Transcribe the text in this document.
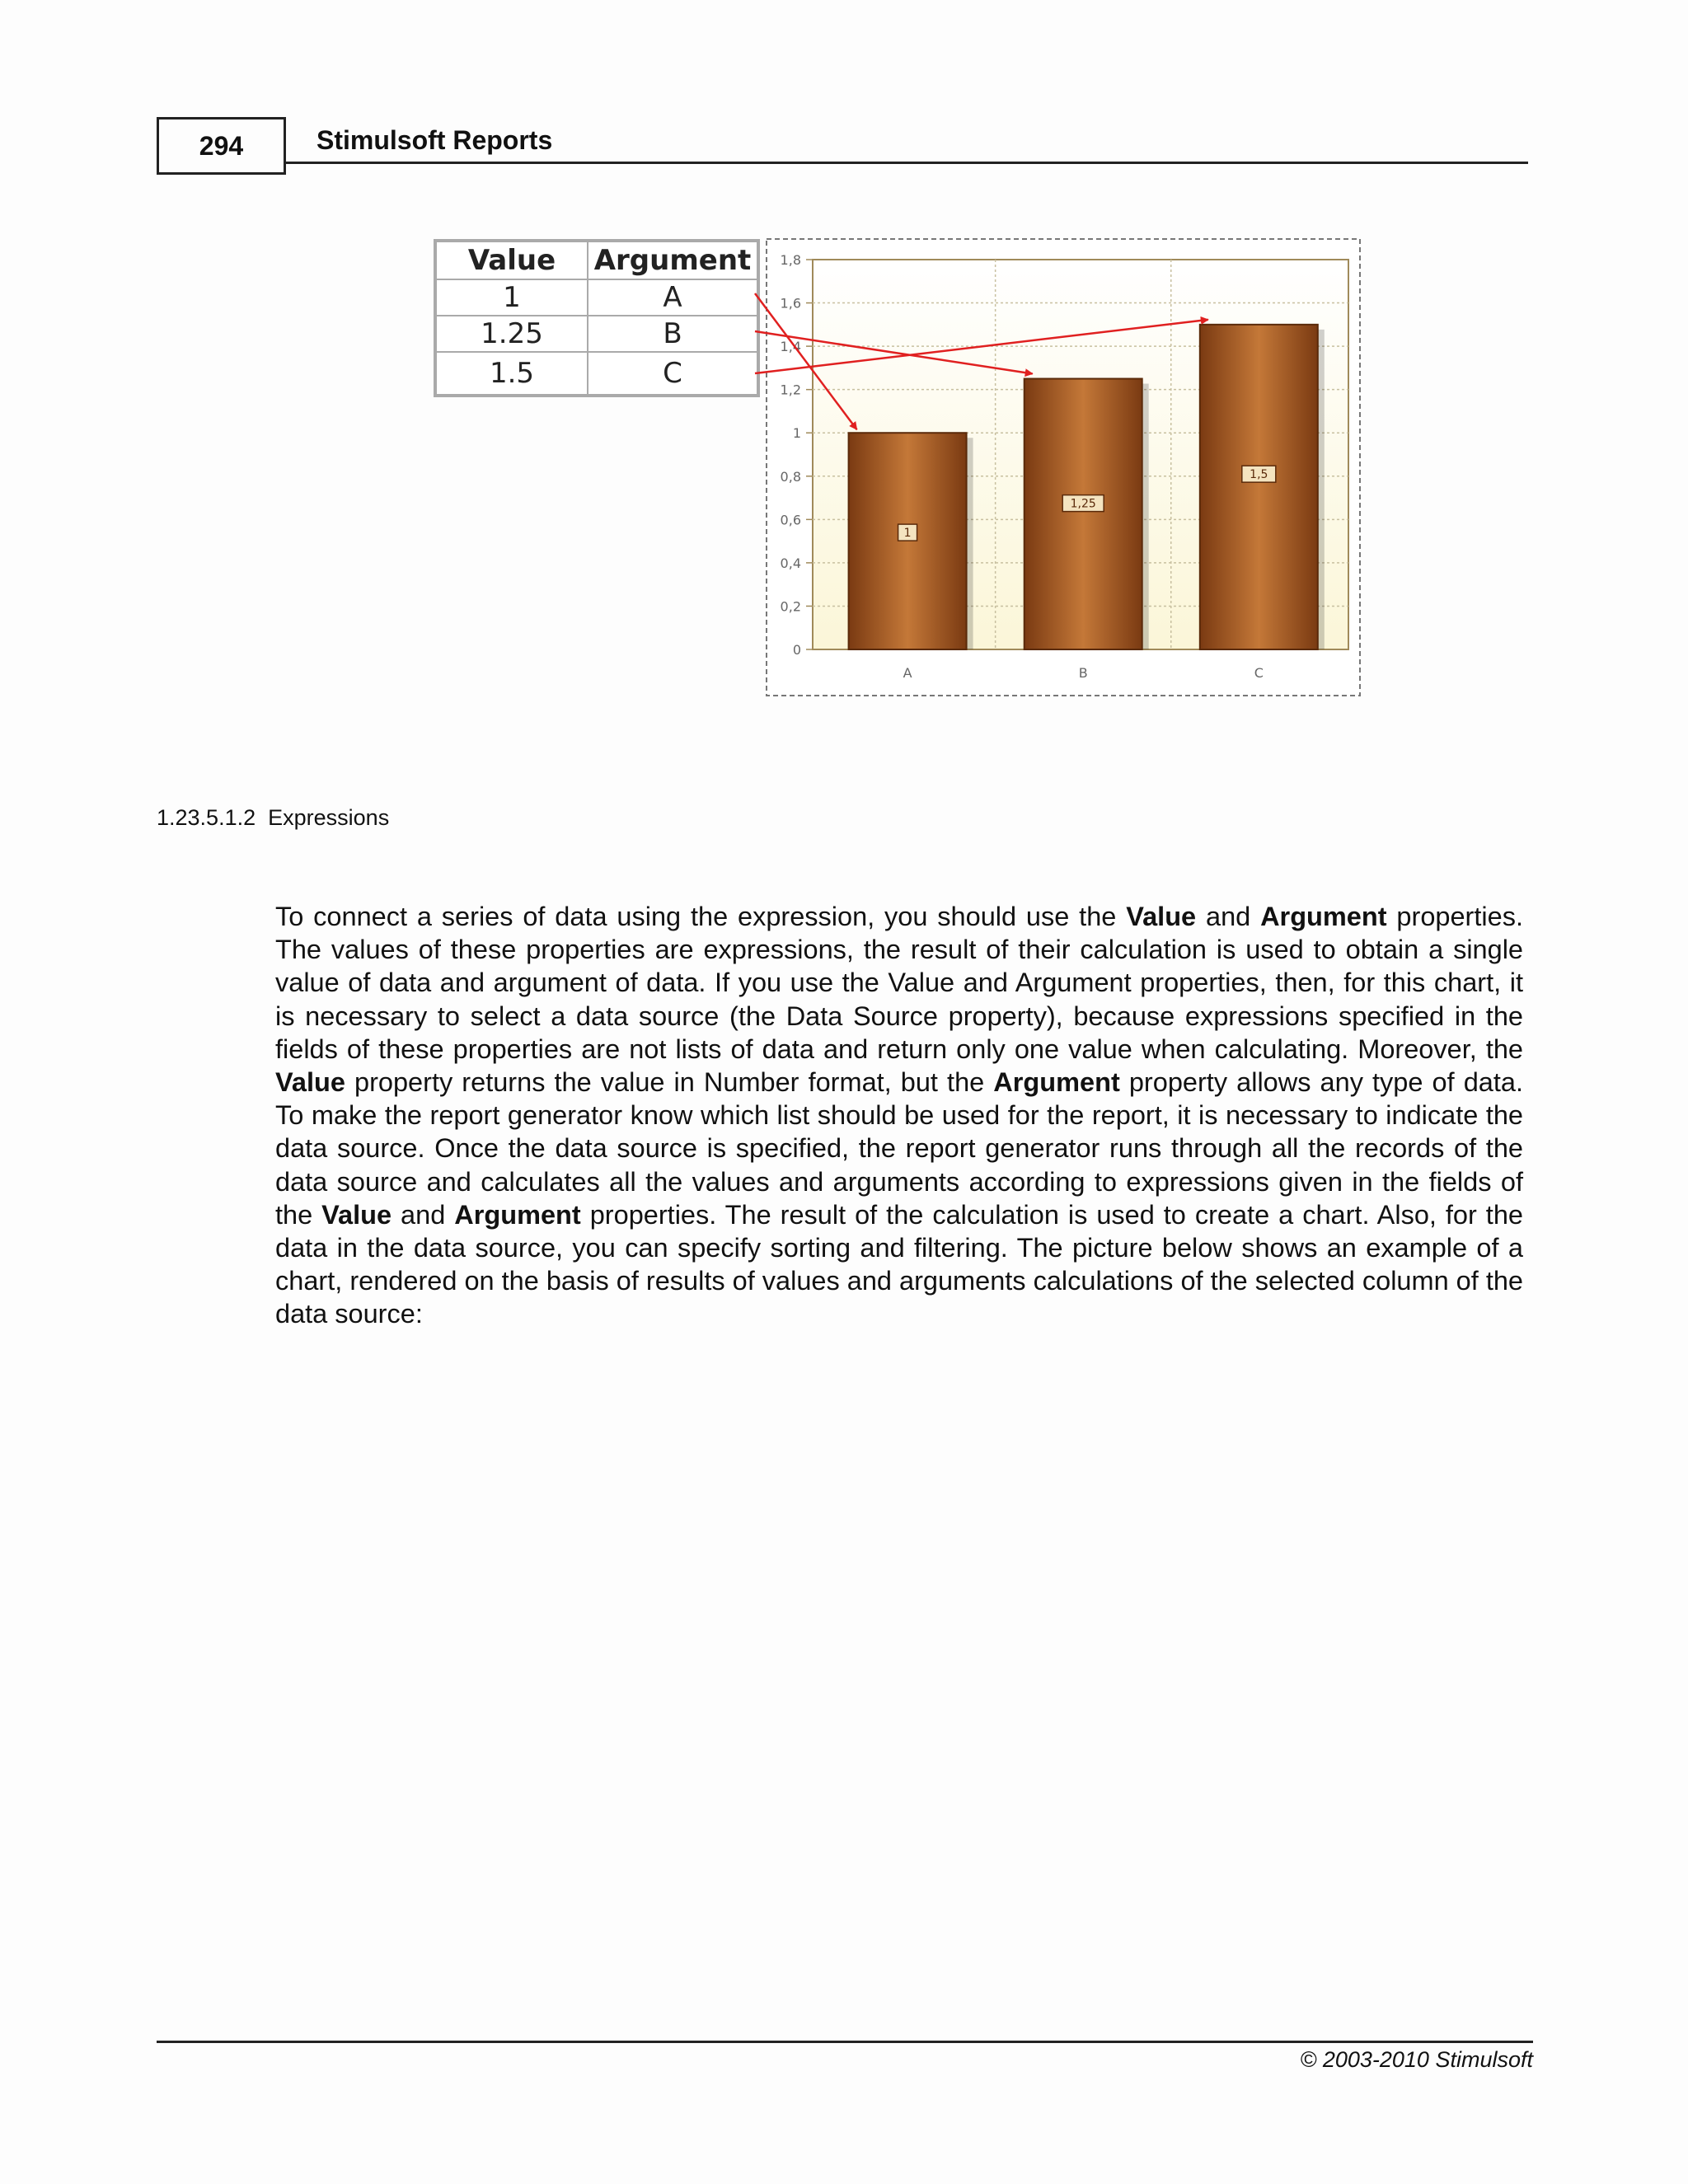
294	Stimulsoft Reports
Value	Argument
1	A
1.25	B
1.5	C
0
0,2
0,4
0,6
0,8
1
1,2
1,4
1,6
1,8
1
1,25
1,5
A	B	C
1.23.5.1.2 Expressions
To connect a series of data using the expression, you should use the Value and Argument properties. The values of these properties are expressions, the result of their calculation is used to obtain a single value of data and argument of data. If you use the Value and Argument properties, then, for this chart, it is necessary to select a data source (the Data Source property), because expressions specified in the fields of these properties are not lists of data and return only one value when calculating. Moreover, the Value property returns the value in Number format, but the Argument property allows any type of data. To make the report generator know which list should be used for the report, it is necessary to indicate the data source. Once the data source is specified, the report generator runs through all the records of the data source and calculates all the values and arguments according to expressions given in the fields of the Value and Argument properties. The result of the calculation is used to create a chart. Also, for the data in the data source, you can specify sorting and filtering. The picture below shows an example of a chart, rendered on the basis of results of values and arguments calculations of the selected column of the data source:
© 2003-2010 Stimulsoft
